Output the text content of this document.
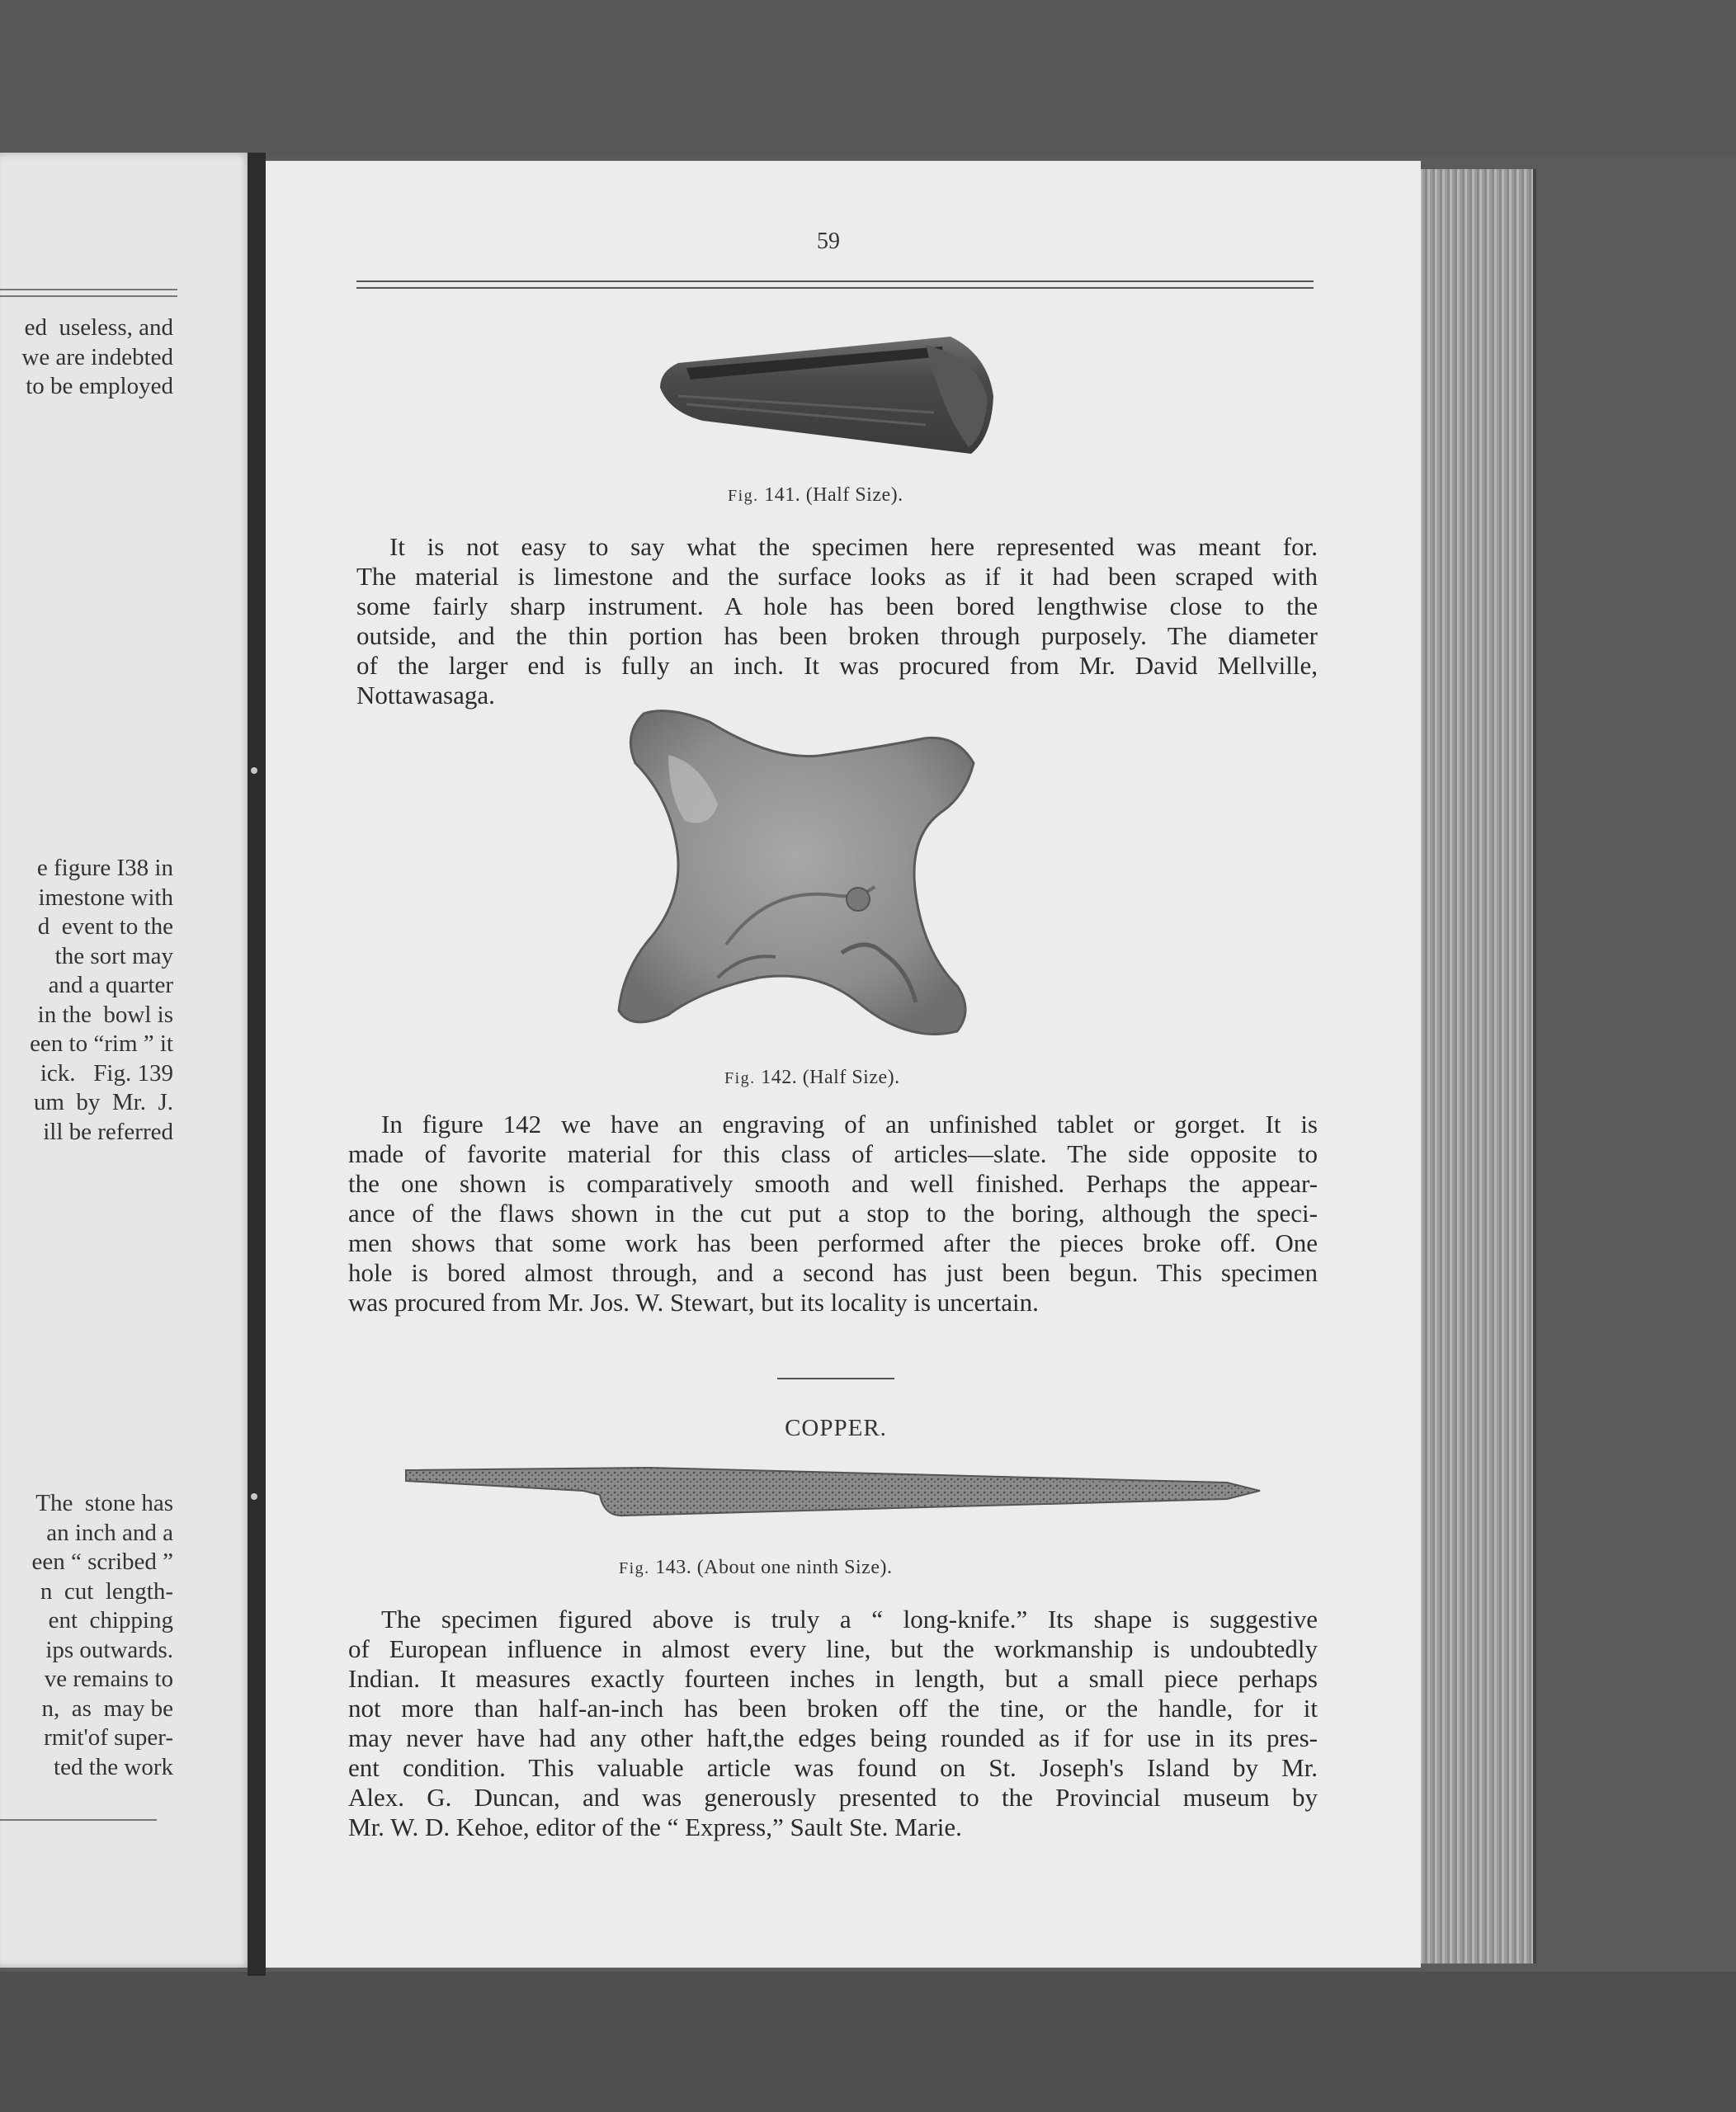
ed  useless, and
we are indebted
to be employed
e figure I38 in
imestone with
d  event to the
the sort may
and a quarter
in the  bowl is
een to “rim ” it
ick.   Fig. 139
um  by  Mr.  J.
ill be referred
The  stone has
an inch and a
een “ scribed ”
n  cut  length-
ent  chipping
ips outwards.
ve remains to
n,  as  may be
rmit'of super-
ted the work
59
Fig. 141. (Half Size).
It is not easy to say what the specimen here represented was meant for.
The material is limestone and the surface looks as if it had been scraped with
some fairly sharp instrument. A hole has been bored lengthwise close to the
outside, and the thin portion has been broken through purposely. The diameter
of the larger end is fully an inch. It was procured from Mr. David Mellville,
Nottawasaga.
Fig. 142. (Half Size).
In figure 142 we have an engraving of an unfinished tablet or gorget. It is
made of favorite material for this class of articles—slate. The side opposite to
the one shown is comparatively smooth and well finished. Perhaps the appear-
ance of the flaws shown in the cut put a stop to the boring, although the speci-
men shows that some work has been performed after the pieces broke off. One
hole is bored almost through, and a second has just been begun. This specimen
was procured from Mr. Jos. W. Stewart, but its locality is uncertain.
COPPER.
Fig. 143. (About one ninth Size).
The specimen figured above is truly a “ long-knife.” Its shape is suggestive
of European influence in almost every line, but the workmanship is undoubtedly
Indian. It measures exactly fourteen inches in length, but a small piece perhaps
not more than half-an-inch has been broken off the tine, or the handle, for it
may never have had any other haft,the edges being rounded as if for use in its pres-
ent condition. This valuable article was found on St. Joseph's Island by Mr.
Alex. G. Duncan, and was generously presented to the Provincial museum by
Mr. W. D. Kehoe, editor of the “ Express,” Sault Ste. Marie.
